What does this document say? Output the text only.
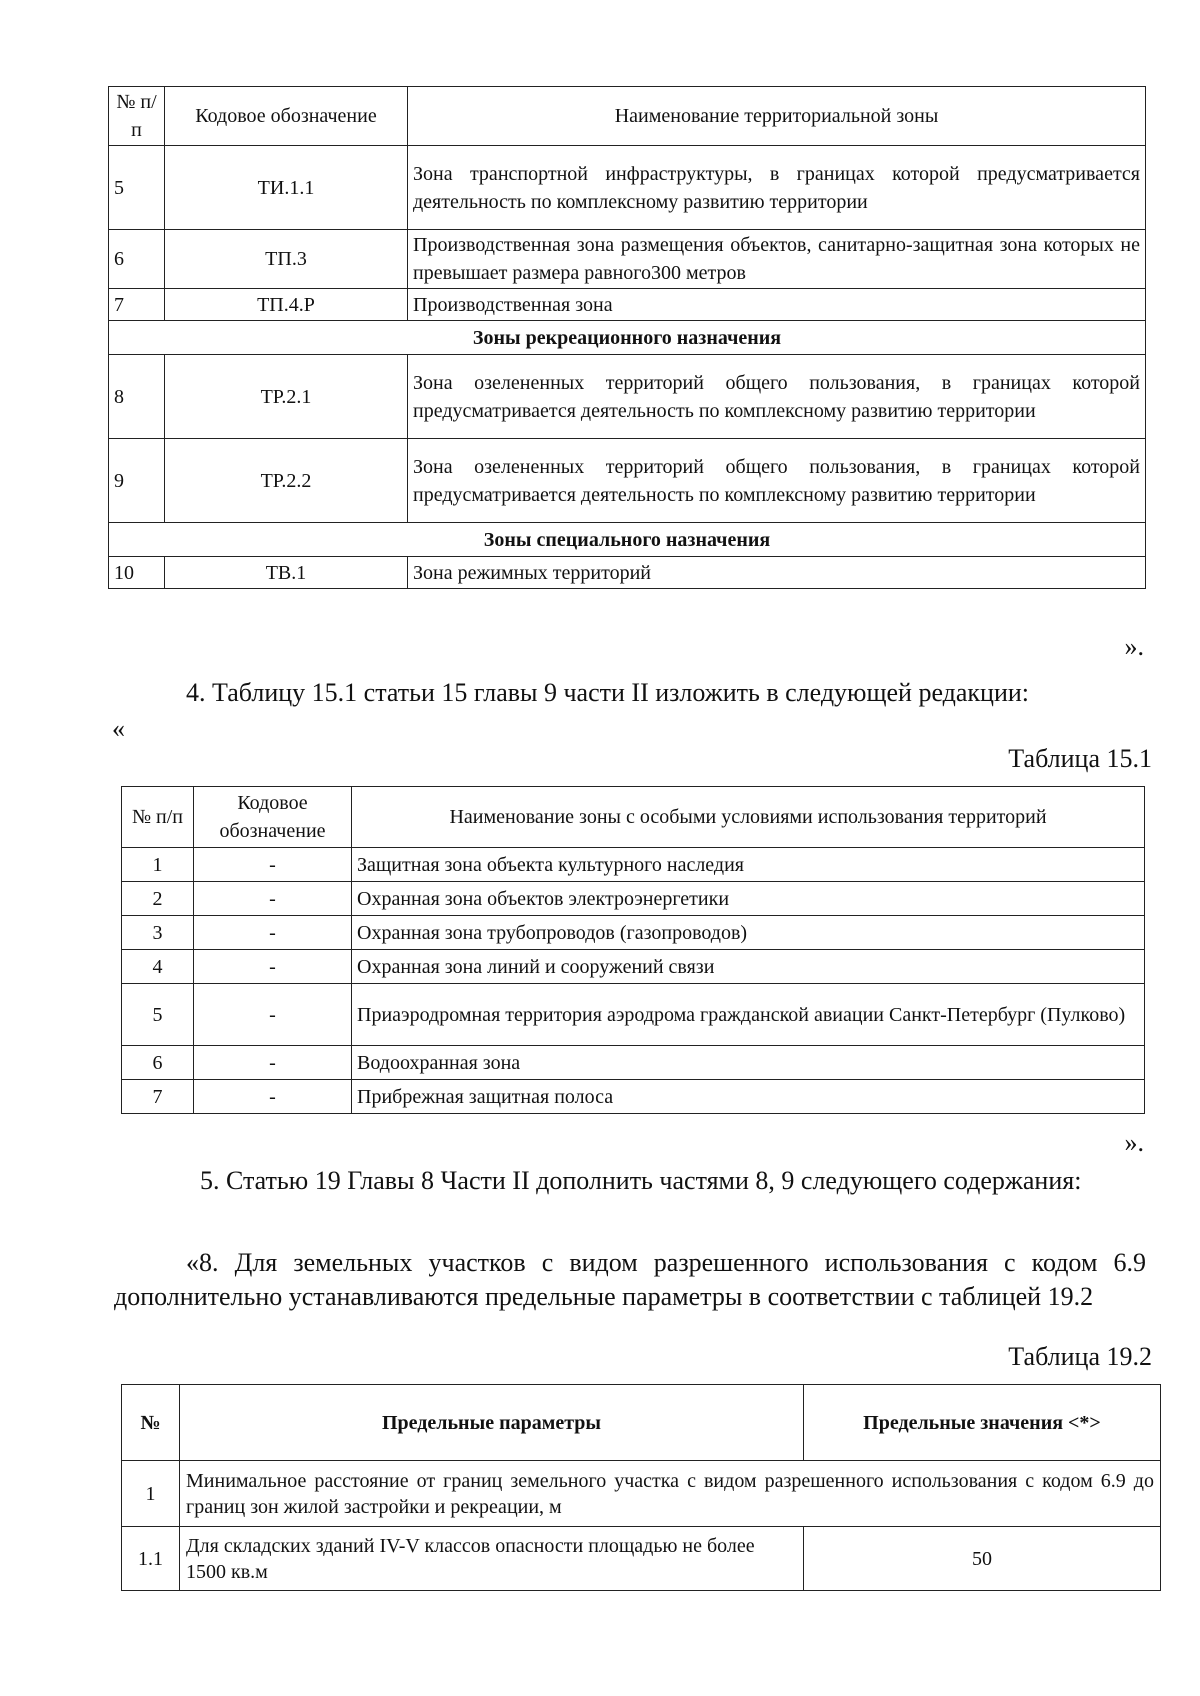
№ п/п	Кодовое обозначение	Наименование территориальной зоны
5	ТИ.1.1	Зона транспортной инфраструктуры, в границах которой предусматривается деятельность по комплексному развитию территории
6	ТП.3	Производственная зона размещения объектов, санитарно-защитная зона которых не превышает размера равного300 метров
7	ТП.4.Р	Производственная зона
Зоны рекреационного назначения		
8	ТР.2.1	Зона озелененных территорий общего пользования, в границах которой предусматривается деятельность по комплексному развитию территории
9	ТР.2.2	Зона озелененных территорий общего пользования, в границах которой предусматривается деятельность по комплексному развитию территории
Зоны специального назначения		
10	ТВ.1	Зона режимных территорий
».
4. Таблицу 15.1 статьи 15 главы 9 части II изложить в следующей редакции:
«
Таблица 15.1
№ п/п	Кодовое обозначение	Наименование зоны с особыми условиями использования территорий
1	-	Защитная зона объекта культурного наследия
2	-	Охранная зона объектов электроэнергетики
3	-	Охранная зона трубопроводов (газопроводов)
4	-	Охранная зона линий и сооружений связи
5	-	Приаэродромная территория аэродрома гражданской авиации Санкт-Петербург (Пулково)
6	-	Водоохранная зона
7	-	Прибрежная защитная полоса
».
5. Статью 19 Главы 8 Части II дополнить частями 8, 9 следующего содержания:
«8. Для земельных участков с видом разрешенного использования с кодом 6.9 дополнительно устанавливаются предельные параметры в соответствии с таблицей 19.2
Таблица 19.2
№	Предельные параметры	Предельные значения <*>
1	Минимальное расстояние от границ земельного участка с видом разрешенного использования с кодом 6.9 до границ зон жилой застройки и рекреации, м	
1.1	Для складских зданий IV-V классов опасности площадью не более 1500 кв.м	50
